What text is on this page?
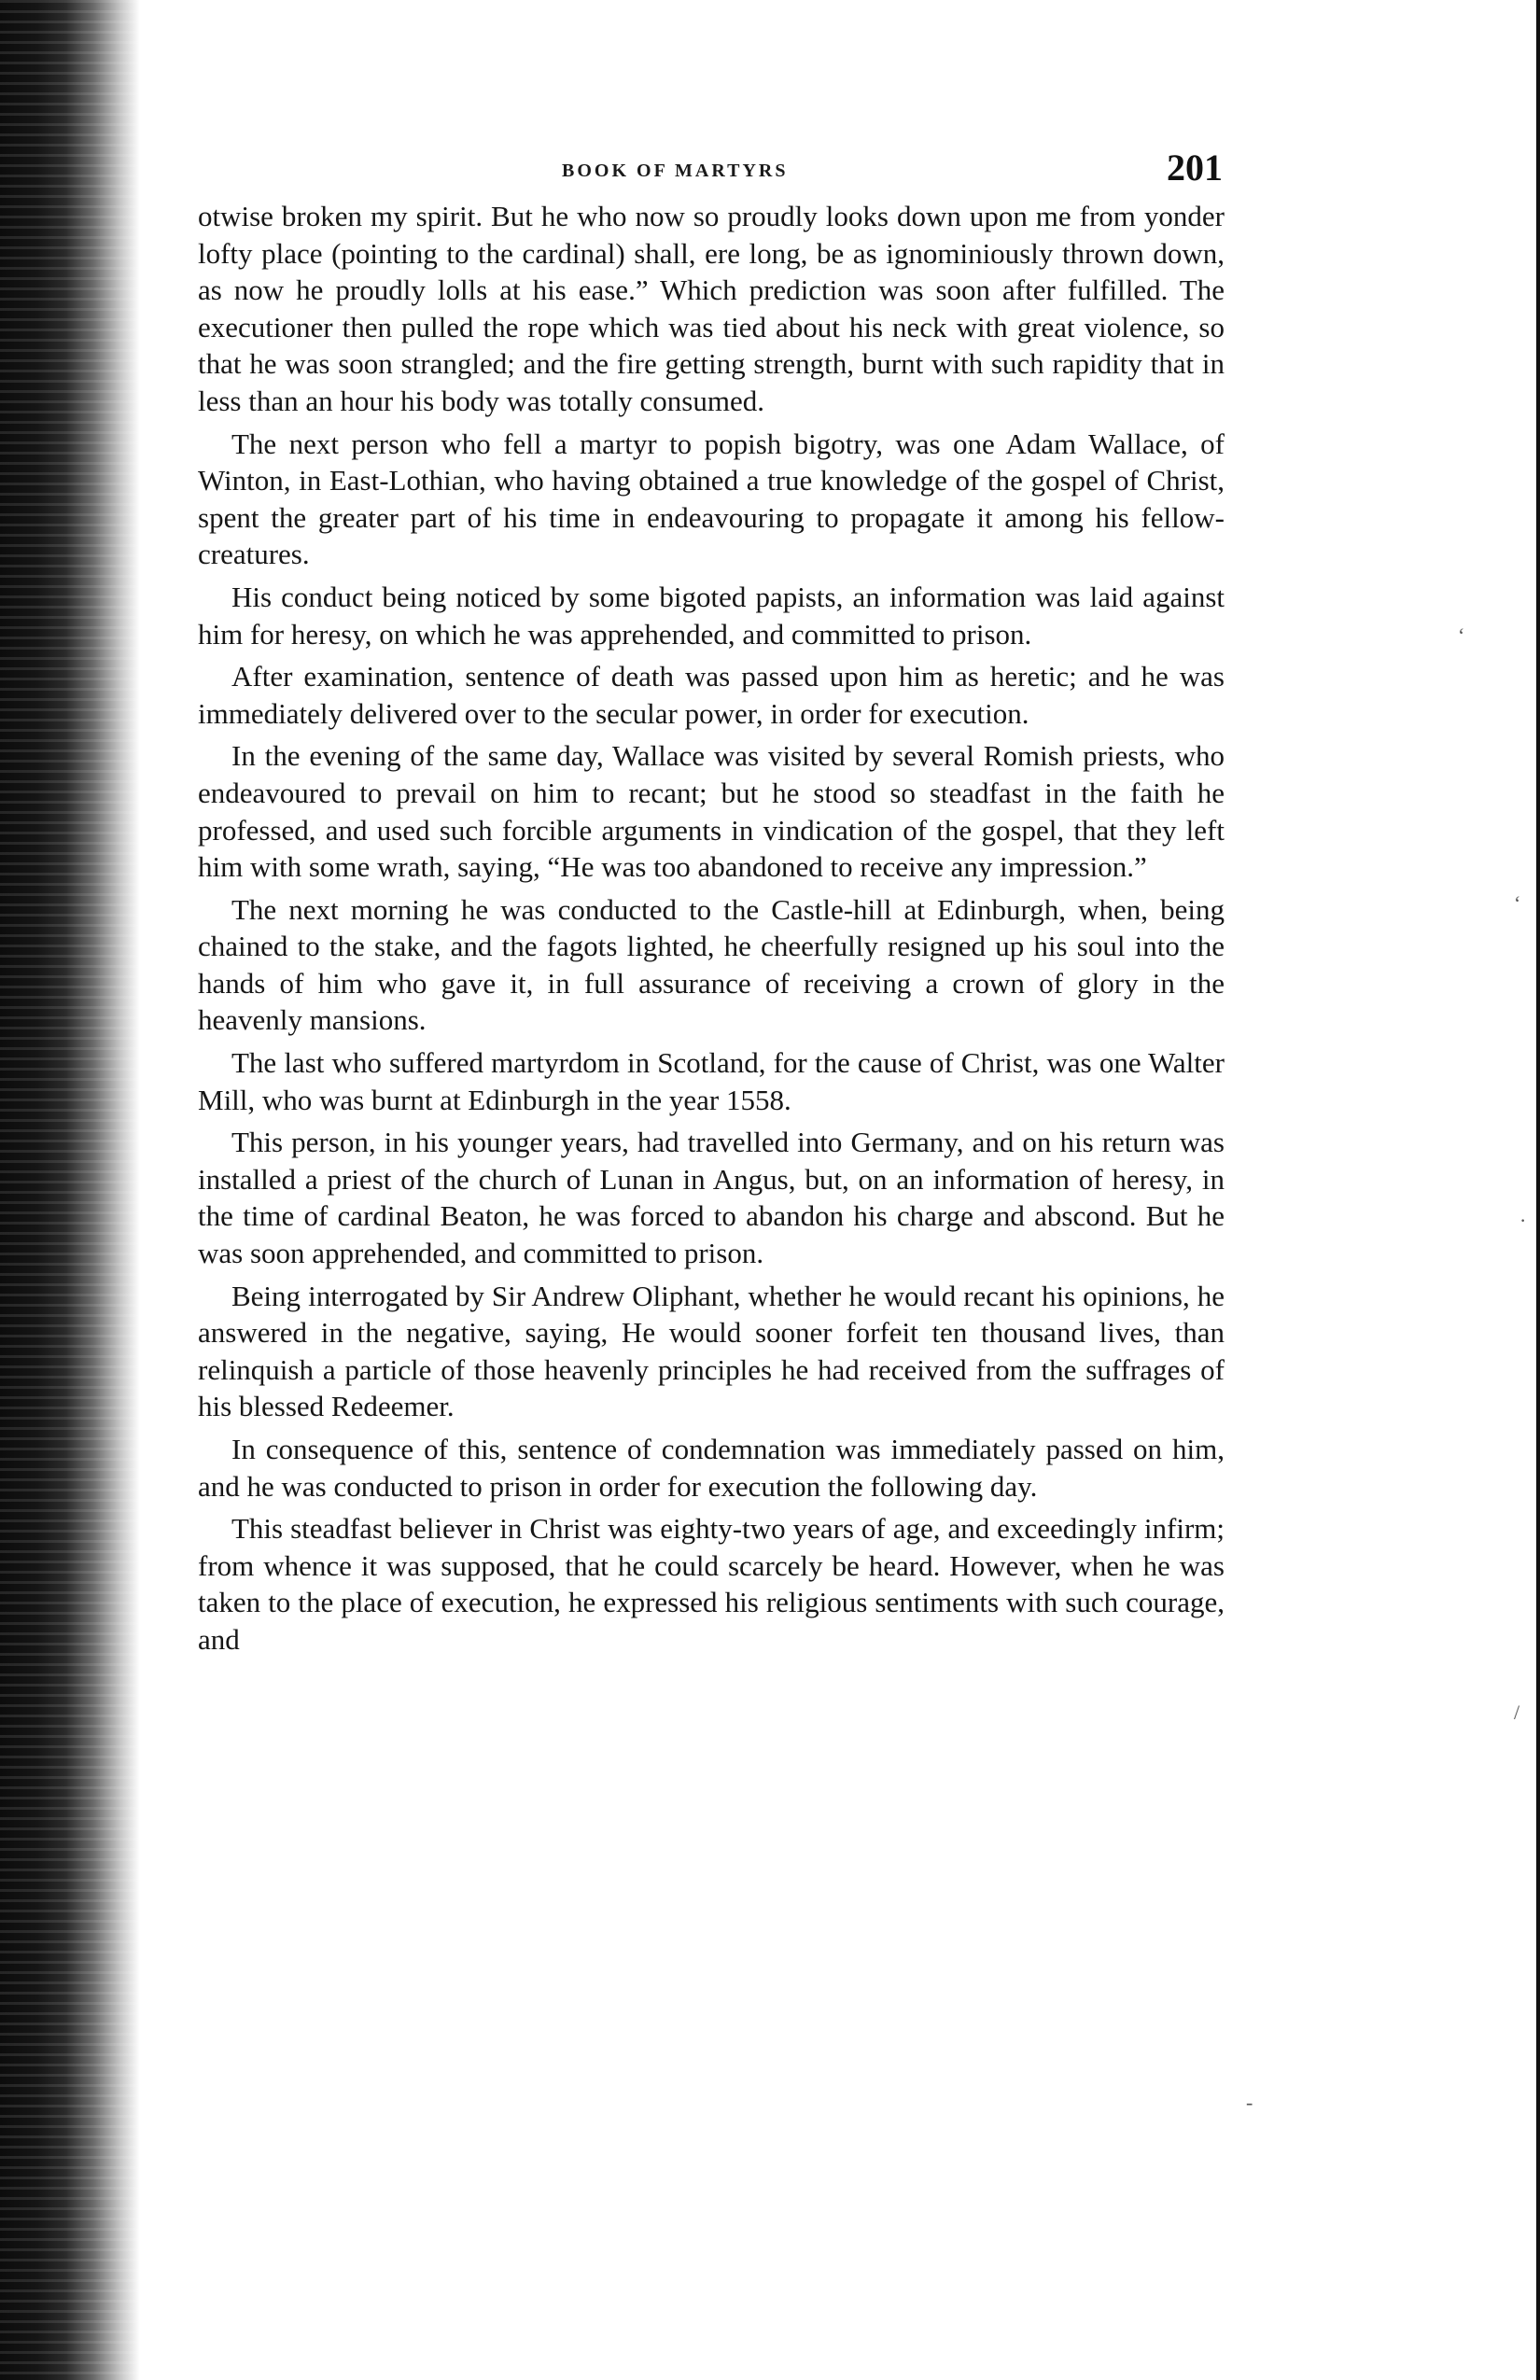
‘
‘
·
/
-
BOOK OF MARTYRS	201

otwise broken my spirit. But he who now so proudly looks down upon me from yonder lofty place (pointing to the cardinal) shall, ere long, be as ignominiously thrown down, as now he proudly lolls at his ease.” Which prediction was soon after fulfilled. The executioner then pulled the rope which was tied about his neck with great violence, so that he was soon strangled; and the fire getting strength, burnt with such rapidity that in less than an hour his body was totally consumed.

The next person who fell a martyr to popish bigotry, was one Adam Wallace, of Winton, in East-Lothian, who having obtained a true knowledge of the gospel of Christ, spent the greater part of his time in endeavouring to propagate it among his fellow-creatures.

His conduct being noticed by some bigoted papists, an information was laid against him for heresy, on which he was apprehended, and committed to prison.

After examination, sentence of death was passed upon him as heretic; and he was immediately delivered over to the secular power, in order for execution.

In the evening of the same day, Wallace was visited by several Romish priests, who endeavoured to prevail on him to recant; but he stood so steadfast in the faith he professed, and used such forcible arguments in vindication of the gospel, that they left him with some wrath, saying, “He was too abandoned to receive any impression.”

The next morning he was conducted to the Castle-hill at Edinburgh, when, being chained to the stake, and the fagots lighted, he cheerfully resigned up his soul into the hands of him who gave it, in full assurance of receiving a crown of glory in the heavenly mansions.

The last who suffered martyrdom in Scotland, for the cause of Christ, was one Walter Mill, who was burnt at Edinburgh in the year 1558.

This person, in his younger years, had travelled into Germany, and on his return was installed a priest of the church of Lunan in Angus, but, on an information of heresy, in the time of cardinal Beaton, he was forced to abandon his charge and abscond. But he was soon apprehended, and committed to prison.

Being interrogated by Sir Andrew Oliphant, whether he would recant his opinions, he answered in the negative, saying, He would sooner forfeit ten thousand lives, than relinquish a particle of those heavenly principles he had received from the suffrages of his blessed Redeemer.

In consequence of this, sentence of condemnation was immediately passed on him, and he was conducted to prison in order for execution the following day.

This steadfast believer in Christ was eighty-two years of age, and exceedingly infirm; from whence it was supposed, that he could scarcely be heard. However, when he was taken to the place of execution, he expressed his religious sentiments with such courage, and
